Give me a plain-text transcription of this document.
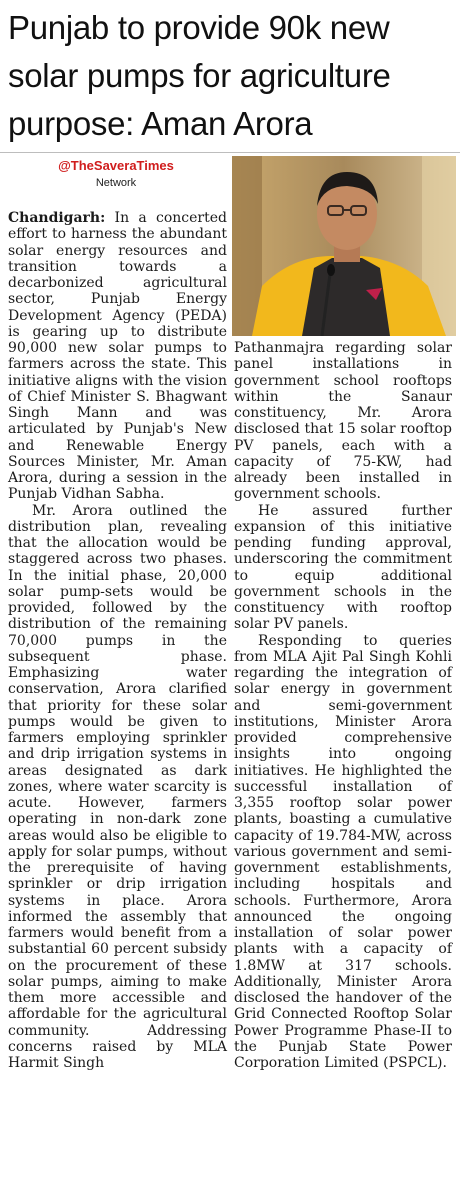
Punjab to provide 90k new
solar pumps for agriculture
purpose: Aman Arora
@TheSaveraTimes
Network

Chandigarh: In a concerted effort to harness the abundant solar energy resources and transition towards a decarbonized agricultural sector, Punjab Energy Development Agency (PEDA) is gearing up to distribute 90,000 new solar pumps to farmers across the state. This initiative aligns with the vision of Chief Minister S. Bhagwant Singh Mann and was articulated by Punjab's New and Renewable Energy Sources Minister, Mr. Aman Arora, during a session in the Punjab Vidhan Sabha.

Mr. Arora outlined the distribution plan, revealing that the allocation would be staggered across two phases. In the initial phase, 20,000 solar pump-sets would be provided, followed by the distribution of the remaining 70,000 pumps in the subsequent phase. Emphasizing water conservation, Arora clarified that priority for these solar pumps would be given to farmers employing sprinkler and drip irrigation systems in areas designated as dark zones, where water scarcity is acute. However, farmers operating in non-dark zone areas would also be eligible to apply for solar pumps, without the prerequisite of having sprinkler or drip irrigation systems in place. Arora informed the assembly that farmers would benefit from a substantial 60 percent subsidy on the procurement of these solar pumps, aiming to make them more accessible and affordable for the agricultural community. Addressing concerns raised by MLA Harmit Singh

Pathanmajra regarding solar panel installations in government school rooftops within the Sanaur constituency, Mr. Arora disclosed that 15 solar rooftop PV panels, each with a capacity of 75-KW, had already been installed in government schools.

He assured further expansion of this initiative pending funding approval, underscoring the commitment to equip additional government schools in the constituency with rooftop solar PV panels.

Responding to queries from MLA Ajit Pal Singh Kohli regarding the integration of solar energy in government and semi-government institutions, Minister Arora provided comprehensive insights into ongoing initiatives. He highlighted the successful installation of 3,355 rooftop solar power plants, boasting a cumulative capacity of 19.784-MW, across various government and semi-government establishments, including hospitals and schools. Furthermore, Arora announced the ongoing installation of solar power plants with a capacity of 1.8MW at 317 schools. Additionally, Minister Arora disclosed the handover of the Grid Connected Rooftop Solar Power Programme Phase-II to the Punjab State Power Corporation Limited (PSPCL).
